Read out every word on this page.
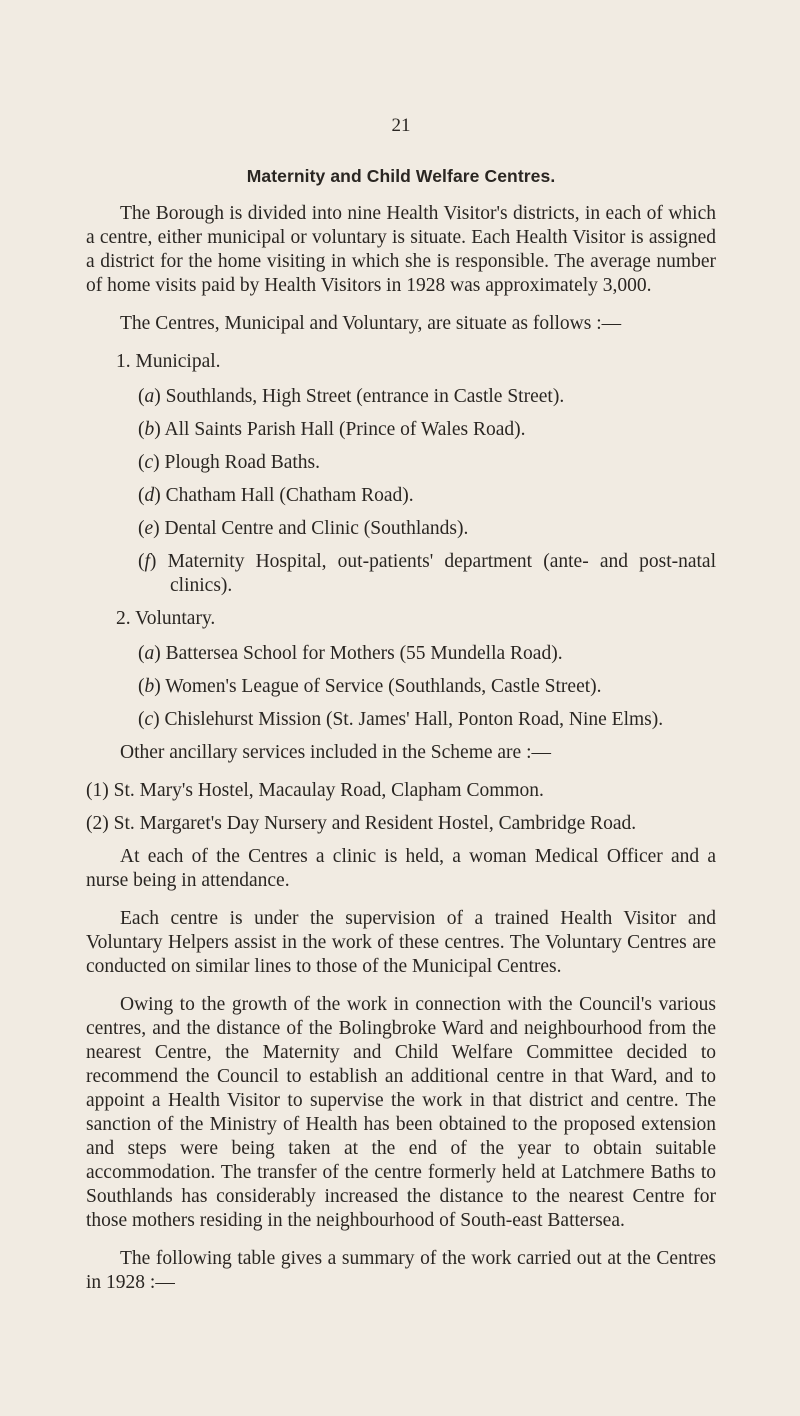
21
Maternity and Child Welfare Centres.

The Borough is divided into nine Health Visitor's districts, in each of which a centre, either municipal or voluntary is situate. Each Health Visitor is assigned a district for the home visiting in which she is responsible. The average number of home visits paid by Health Visitors in 1928 was approximately 3,000.

The Centres, Municipal and Voluntary, are situate as follows :—

1. Municipal.
(a) Southlands, High Street (entrance in Castle Street).
(b) All Saints Parish Hall (Prince of Wales Road).
(c) Plough Road Baths.
(d) Chatham Hall (Chatham Road).
(e) Dental Centre and Clinic (Southlands).
(f) Maternity Hospital, out-patients' department (ante- and post-natal clinics).
2. Voluntary.
(a) Battersea School for Mothers (55 Mundella Road).
(b) Women's League of Service (Southlands, Castle Street).
(c) Chislehurst Mission (St. James' Hall, Ponton Road, Nine Elms).

Other ancillary services included in the Scheme are :—

(1) St. Mary's Hostel, Macaulay Road, Clapham Common.
(2) St. Margaret's Day Nursery and Resident Hostel, Cambridge Road.

At each of the Centres a clinic is held, a woman Medical Officer and a nurse being in attendance.

Each centre is under the supervision of a trained Health Visitor and Voluntary Helpers assist in the work of these centres. The Voluntary Centres are conducted on similar lines to those of the Municipal Centres.

Owing to the growth of the work in connection with the Council's various centres, and the distance of the Bolingbroke Ward and neighbourhood from the nearest Centre, the Maternity and Child Welfare Committee decided to recommend the Council to establish an additional centre in that Ward, and to appoint a Health Visitor to supervise the work in that district and centre. The sanction of the Ministry of Health has been obtained to the proposed extension and steps were being taken at the end of the year to obtain suitable accommodation. The transfer of the centre formerly held at Latchmere Baths to Southlands has considerably increased the distance to the nearest Centre for those mothers residing in the neighbourhood of South-east Battersea.

The following table gives a summary of the work carried out at the Centres in 1928 :—
